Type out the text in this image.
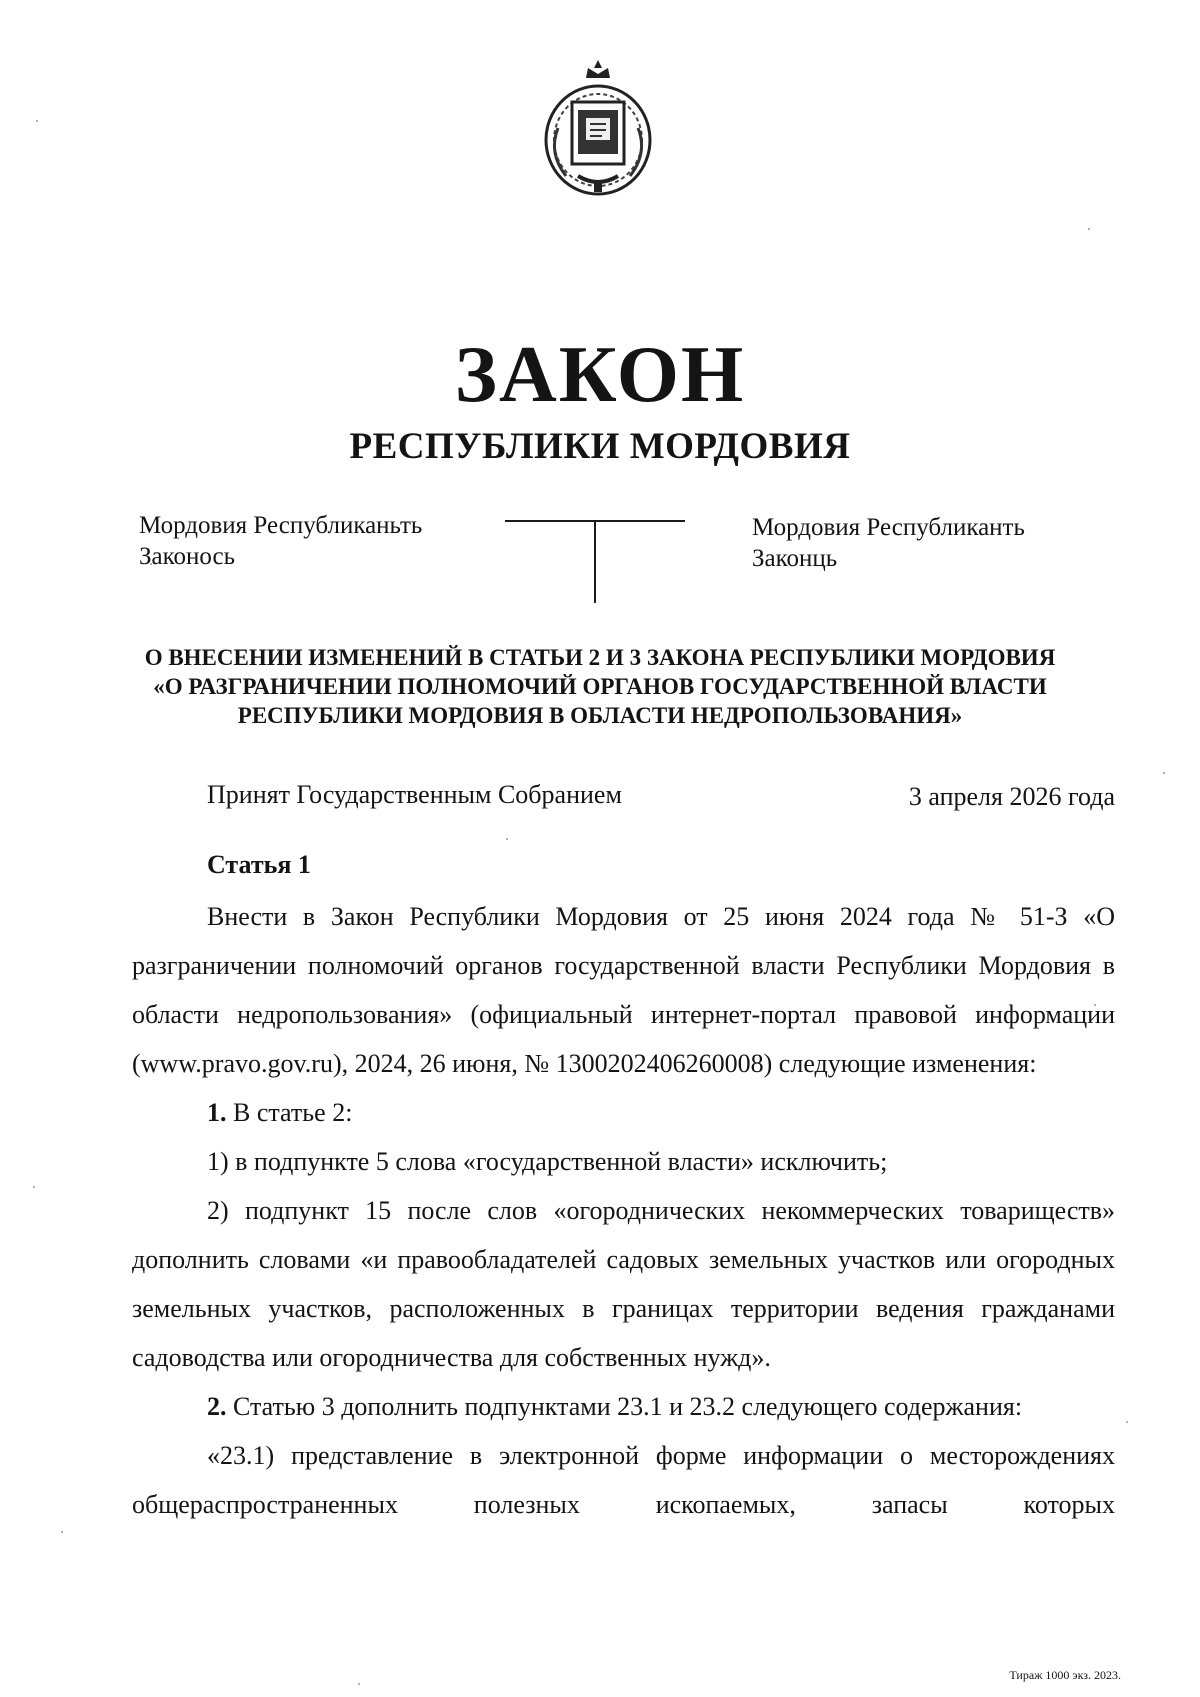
ЗАКОН
РЕСПУБЛИКИ МОРДОВИЯ
Мордовия Республиканьть
Законось
Мордовия Республиканть
Законць
О ВНЕСЕНИИ ИЗМЕНЕНИЙ В СТАТЬИ 2 И 3 ЗАКОНА РЕСПУБЛИКИ МОРДОВИЯ
«О РАЗГРАНИЧЕНИИ ПОЛНОМОЧИЙ ОРГАНОВ ГОСУДАРСТВЕННОЙ ВЛАСТИ
РЕСПУБЛИКИ МОРДОВИЯ В ОБЛАСТИ НЕДРОПОЛЬЗОВАНИЯ»
Принят Государственным Собранием	3 апреля 2026 года
Статья 1

Внести в Закон Республики Мордовия от 25 июня 2024 года № 51-З «О разграничении полномочий органов государственной власти Республики Мордовия в области недропользования» (официальный интернет-портал правовой информации (www.pravo.gov.ru), 2024, 26 июня, № 1300202406260008) следующие изменения:

1. В статье 2:

1) в подпункте 5 слова «государственной власти» исключить;

2) подпункт 15 после слов «огороднических некоммерческих товариществ» дополнить словами «и правообладателей садовых земельных участков или огородных земельных участков, расположенных в границах территории ведения гражданами садоводства или огородничества для собственных нужд».

2. Статью 3 дополнить подпунктами 23.1 и 23.2 следующего содержания:

«23.1) представление в электронной форме информации о месторождениях общераспространенных полезных ископаемых, запасы которых

Тираж 1000 экз. 2023.
